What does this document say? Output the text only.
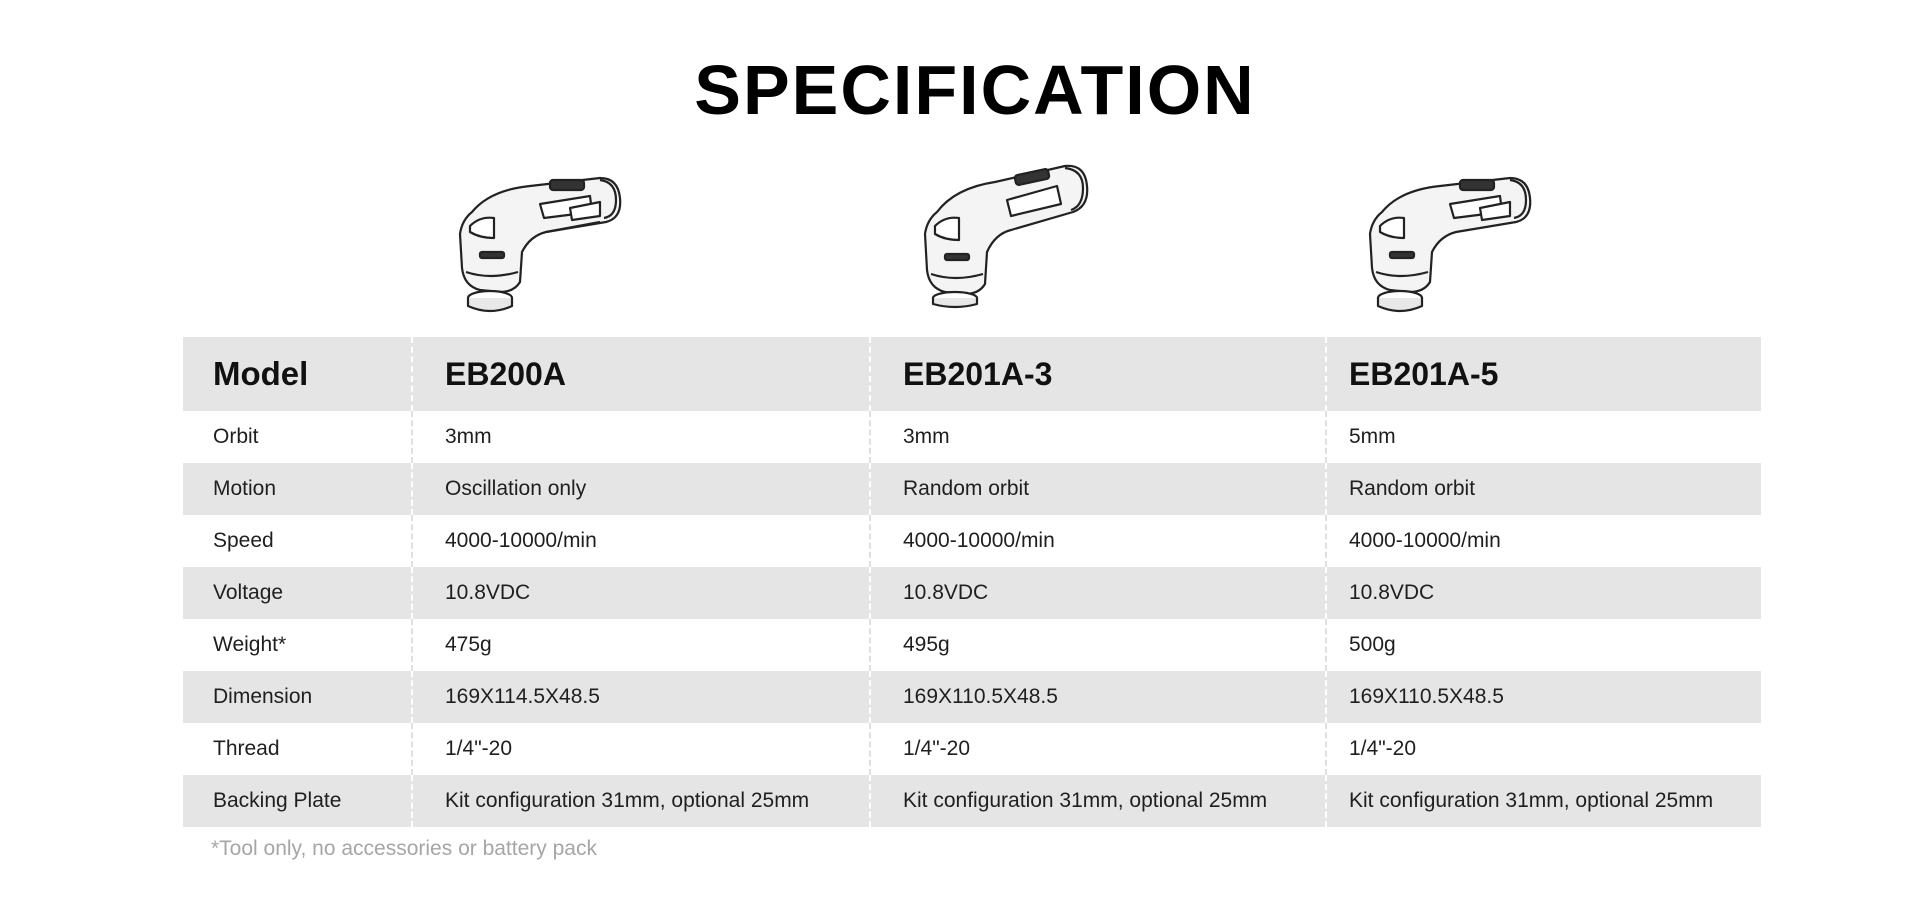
SPECIFICATION
Model	EB200A	EB201A-3	EB201A-5
Orbit	3mm	3mm	5mm
Motion	Oscillation only	Random orbit	Random orbit
Speed	4000-10000/min	4000-10000/min	4000-10000/min
Voltage	10.8VDC	10.8VDC	10.8VDC
Weight*	475g	495g	500g
Dimension	169X114.5X48.5	169X110.5X48.5	169X110.5X48.5
Thread	1/4"-20	1/4"-20	1/4"-20
Backing Plate	Kit configuration 31mm, optional 25mm	Kit configuration 31mm, optional 25mm	Kit configuration 31mm, optional 25mm
*Tool only, no accessories or battery pack
